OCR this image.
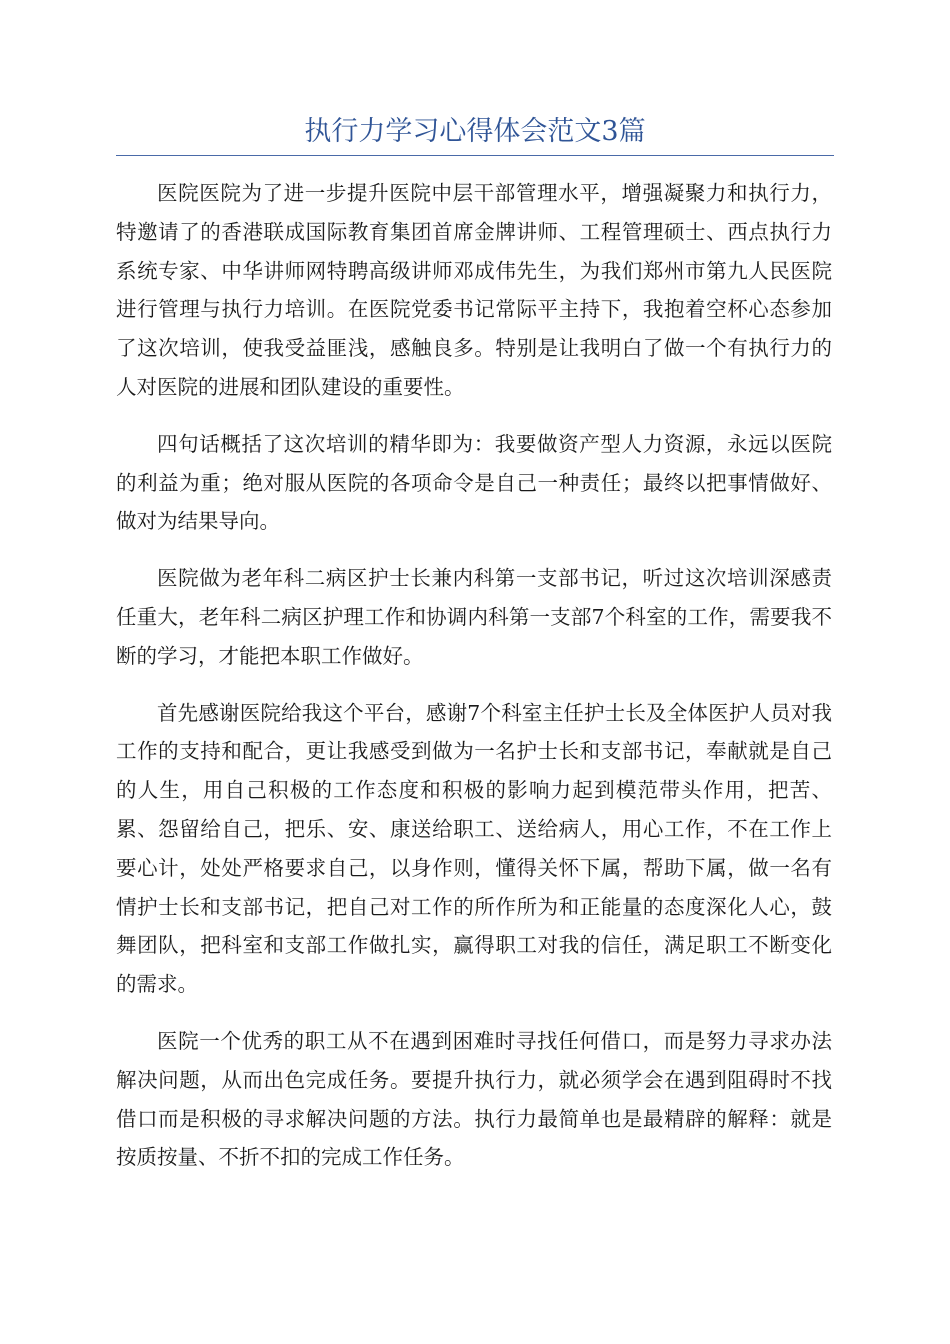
执行力学习心得体会范文3篇

医院医院为了进一步提升医院中层干部管理水平，增强凝聚力和执行力，特邀请了的香港联成国际教育集团首席金牌讲师、工程管理硕士、西点执行力系统专家、中华讲师网特聘高级讲师邓成伟先生，为我们郑州市第九人民医院进行管理与执行力培训。在医院党委书记常际平主持下，我抱着空杯心态参加了这次培训，使我受益匪浅，感触良多。特别是让我明白了做一个有执行力的人对医院的进展和团队建设的重要性。

四句话概括了这次培训的精华即为：我要做资产型人力资源，永远以医院的利益为重；绝对服从医院的各项命令是自己一种责任；最终以把事情做好、做对为结果导向。

医院做为老年科二病区护士长兼内科第一支部书记，听过这次培训深感责任重大，老年科二病区护理工作和协调内科第一支部7个科室的工作，需要我不断的学习，才能把本职工作做好。

首先感谢医院给我这个平台，感谢7个科室主任护士长及全体医护人员对我工作的支持和配合，更让我感受到做为一名护士长和支部书记，奉献就是自己的人生，用自己积极的工作态度和积极的影响力起到模范带头作用，把苦、累、怨留给自己，把乐、安、康送给职工、送给病人，用心工作，不在工作上要心计，处处严格要求自己，以身作则，懂得关怀下属，帮助下属，做一名有情护士长和支部书记，把自己对工作的所作所为和正能量的态度深化人心，鼓舞团队，把科室和支部工作做扎实，赢得职工对我的信任，满足职工不断变化的需求。

医院一个优秀的职工从不在遇到困难时寻找任何借口，而是努力寻求办法解决问题，从而出色完成任务。要提升执行力，就必须学会在遇到阻碍时不找借口而是积极的寻求解决问题的方法。执行力最简单也是最精辟的解释：就是按质按量、不折不扣的完成工作任务。
